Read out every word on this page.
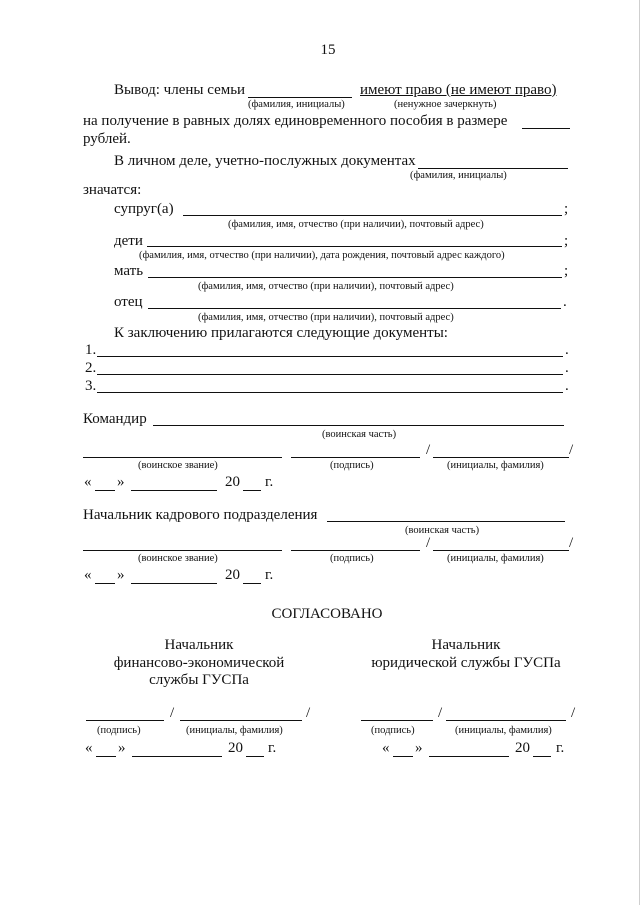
15
Вывод: члены семьи	имеют право (не имеют право)
(фамилия, инициалы)	(ненужное зачеркнуть)
на получение в равных долях единовременного пособия в размере
рублей.
В личном деле, учетно-послужных документах
(фамилия, инициалы)
значатся:
супруг(а)	;
(фамилия, имя, отчество (при наличии), почтовый адрес)
дети	;
(фамилия, имя, отчество (при наличии), дата рождения, почтовый адрес каждого)
мать	;
(фамилия, имя, отчество (при наличии), почтовый адрес)
отец	.
(фамилия, имя, отчество (при наличии), почтовый адрес)
К заключению прилагаются следующие документы:
1.	.
2.	.
3.	.
Командир
(воинская часть)
/	/
(воинское звание)	(подпись)	(инициалы, фамилия)
« »	20 г.
Начальник кадрового подразделения
(воинская часть)
/	/
(воинское звание)	(подпись)	(инициалы, фамилия)
« »	20 г.
СОГЛАСОВАНО
Начальник
финансово-экономической
службы ГУСПа
Начальник
юридической службы ГУСПа
/	/
(подпись)	(инициалы, фамилия)
« »	20 г.
/	/
(подпись)	(инициалы, фамилия)
« »	20 г.
